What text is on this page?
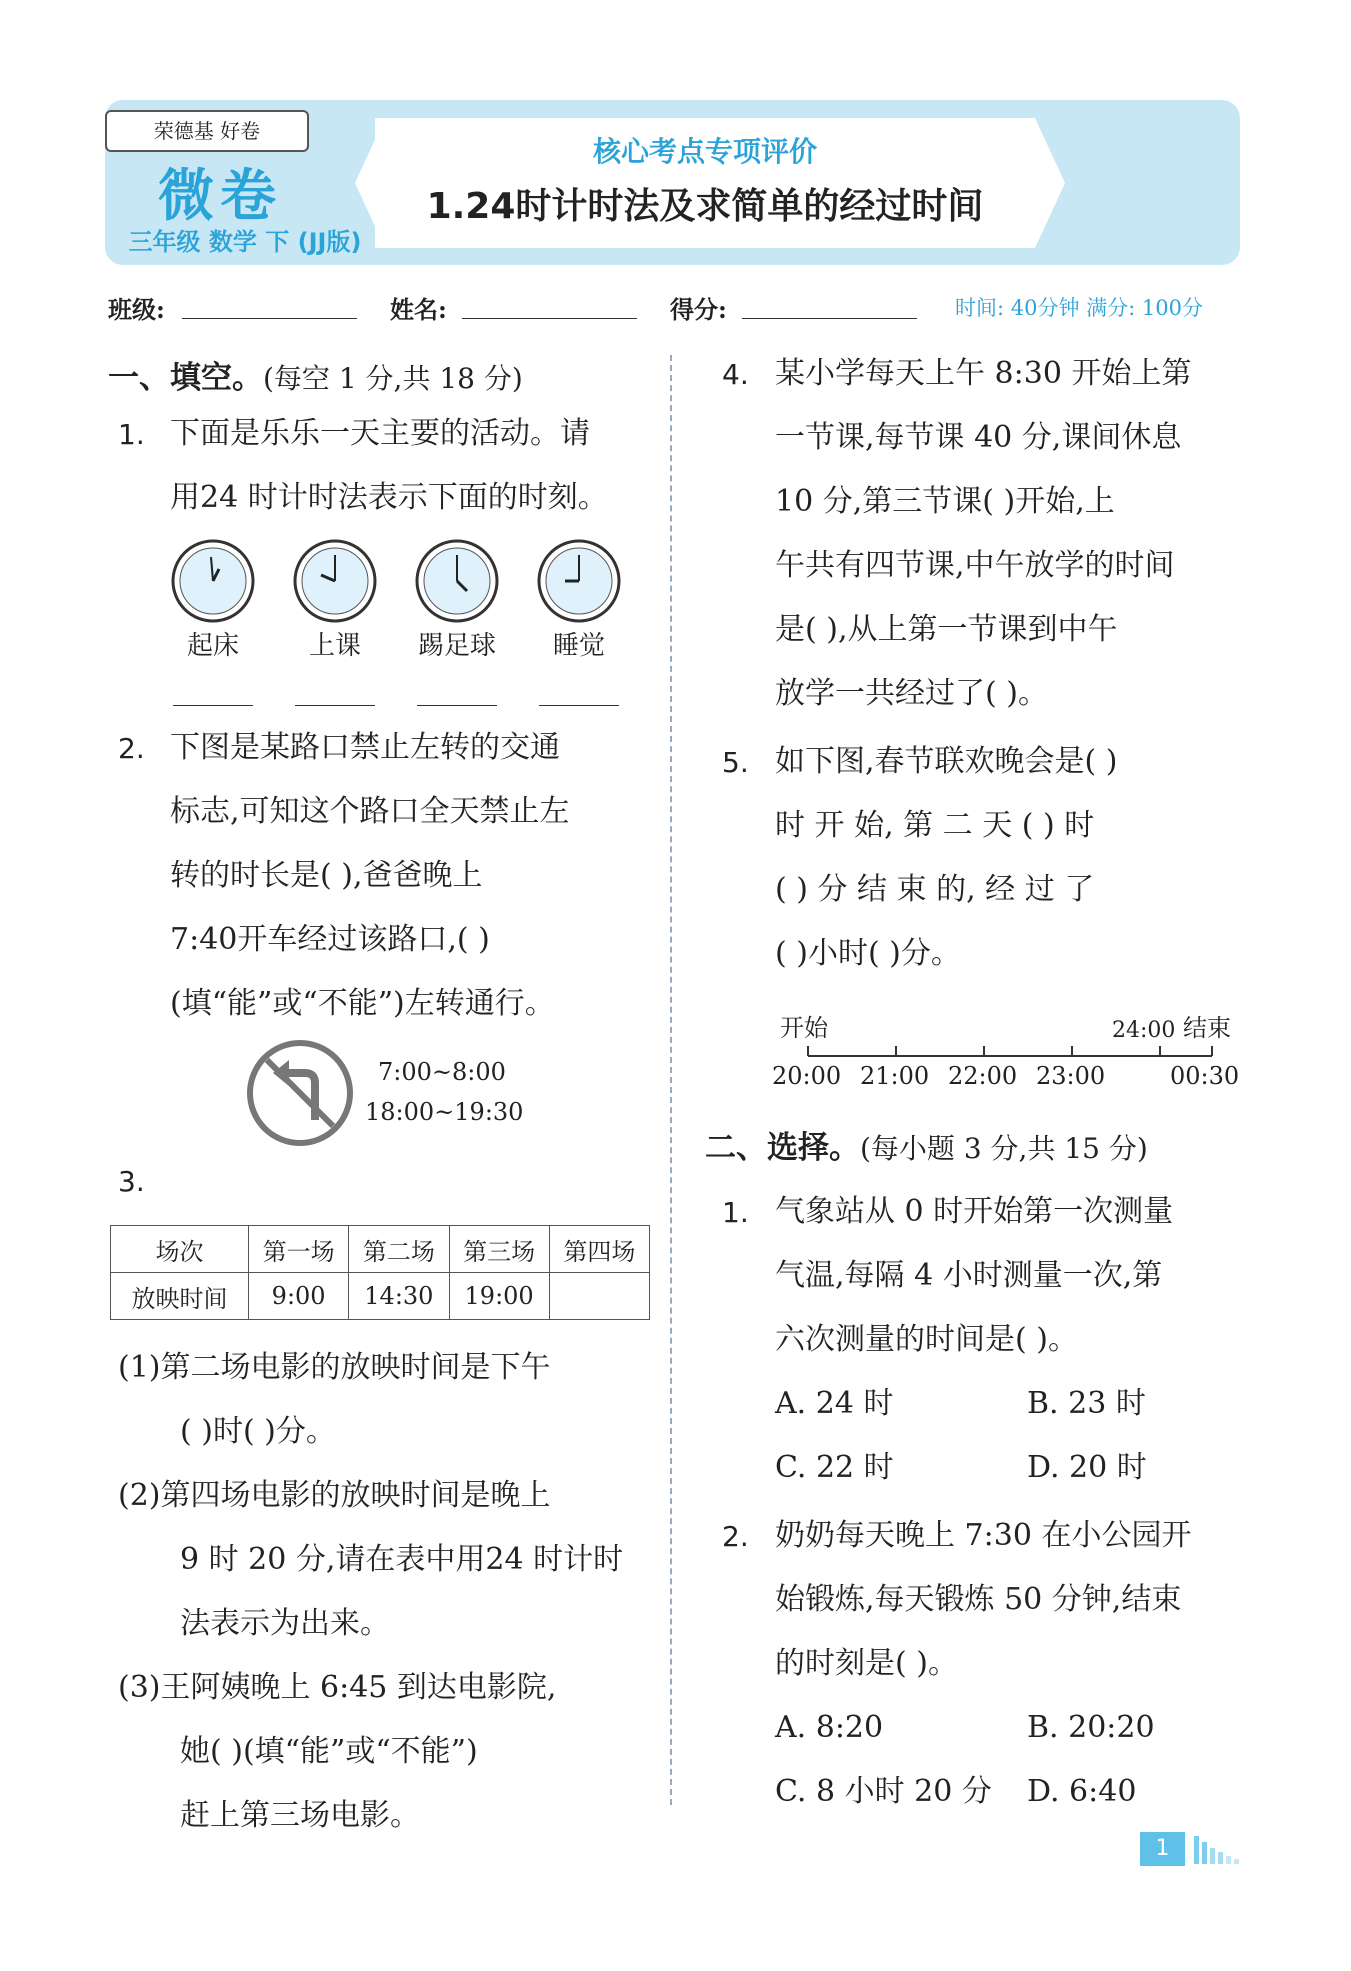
荣德基 好卷
微卷
三年级 数学 下 (JJ版)
核心考点专项评价
1.24时计时法及求简单的经过时间
班级:	姓名:	得分:	时间: 40分钟 满分: 100分
一、填空。(每空 1 分,共 18 分)
1. 下面是乐乐一天主要的活动。请
用24 时计时法表示下面的时刻。
起床	上课	踢足球	睡觉
2. 下图是某路口禁止左转的交通
标志,可知这个路口全天禁止左
转的时长是( ),爸爸晚上
7:40开车经过该路口,( )
(填“能”或“不能”)左转通行。
7:00~8:00
18:00~19:30
3.
场次	第一场	第二场	第三场	第四场
放映时间	9:00	14:30	19:00	
(1)第二场电影的放映时间是下午
( )时( )分。
(2)第四场电影的放映时间是晚上
9 时 20 分,请在表中用24 时计时
法表示为出来。
(3)王阿姨晚上 6:45 到达电影院,
她( )(填“能”或“不能”)
赶上第三场电影。
4. 某小学每天上午 8:30 开始上第
一节课,每节课 40 分,课间休息
10 分,第三节课( )开始,上
午共有四节课,中午放学的时间
是( ),从上第一节课到中午
放学一共经过了( )。
5. 如下图,春节联欢晚会是( )
时 开 始, 第 二 天 ( ) 时
( ) 分 结 束 的, 经 过 了
( )小时( )分。
开始	24:00 结束
20:00 21:00 22:00 23:00	00:30
二、选择。(每小题 3 分,共 15 分)
1. 气象站从 0 时开始第一次测量
气温,每隔 4 小时测量一次,第
六次测量的时间是( )。
A. 24 时	B. 23 时
C. 22 时	D. 20 时
2. 奶奶每天晚上 7:30 在小公园开
始锻炼,每天锻炼 50 分钟,结束
的时刻是( )。
A. 8:20	B. 20:20
C. 8 小时 20 分 D. 6:40
1
